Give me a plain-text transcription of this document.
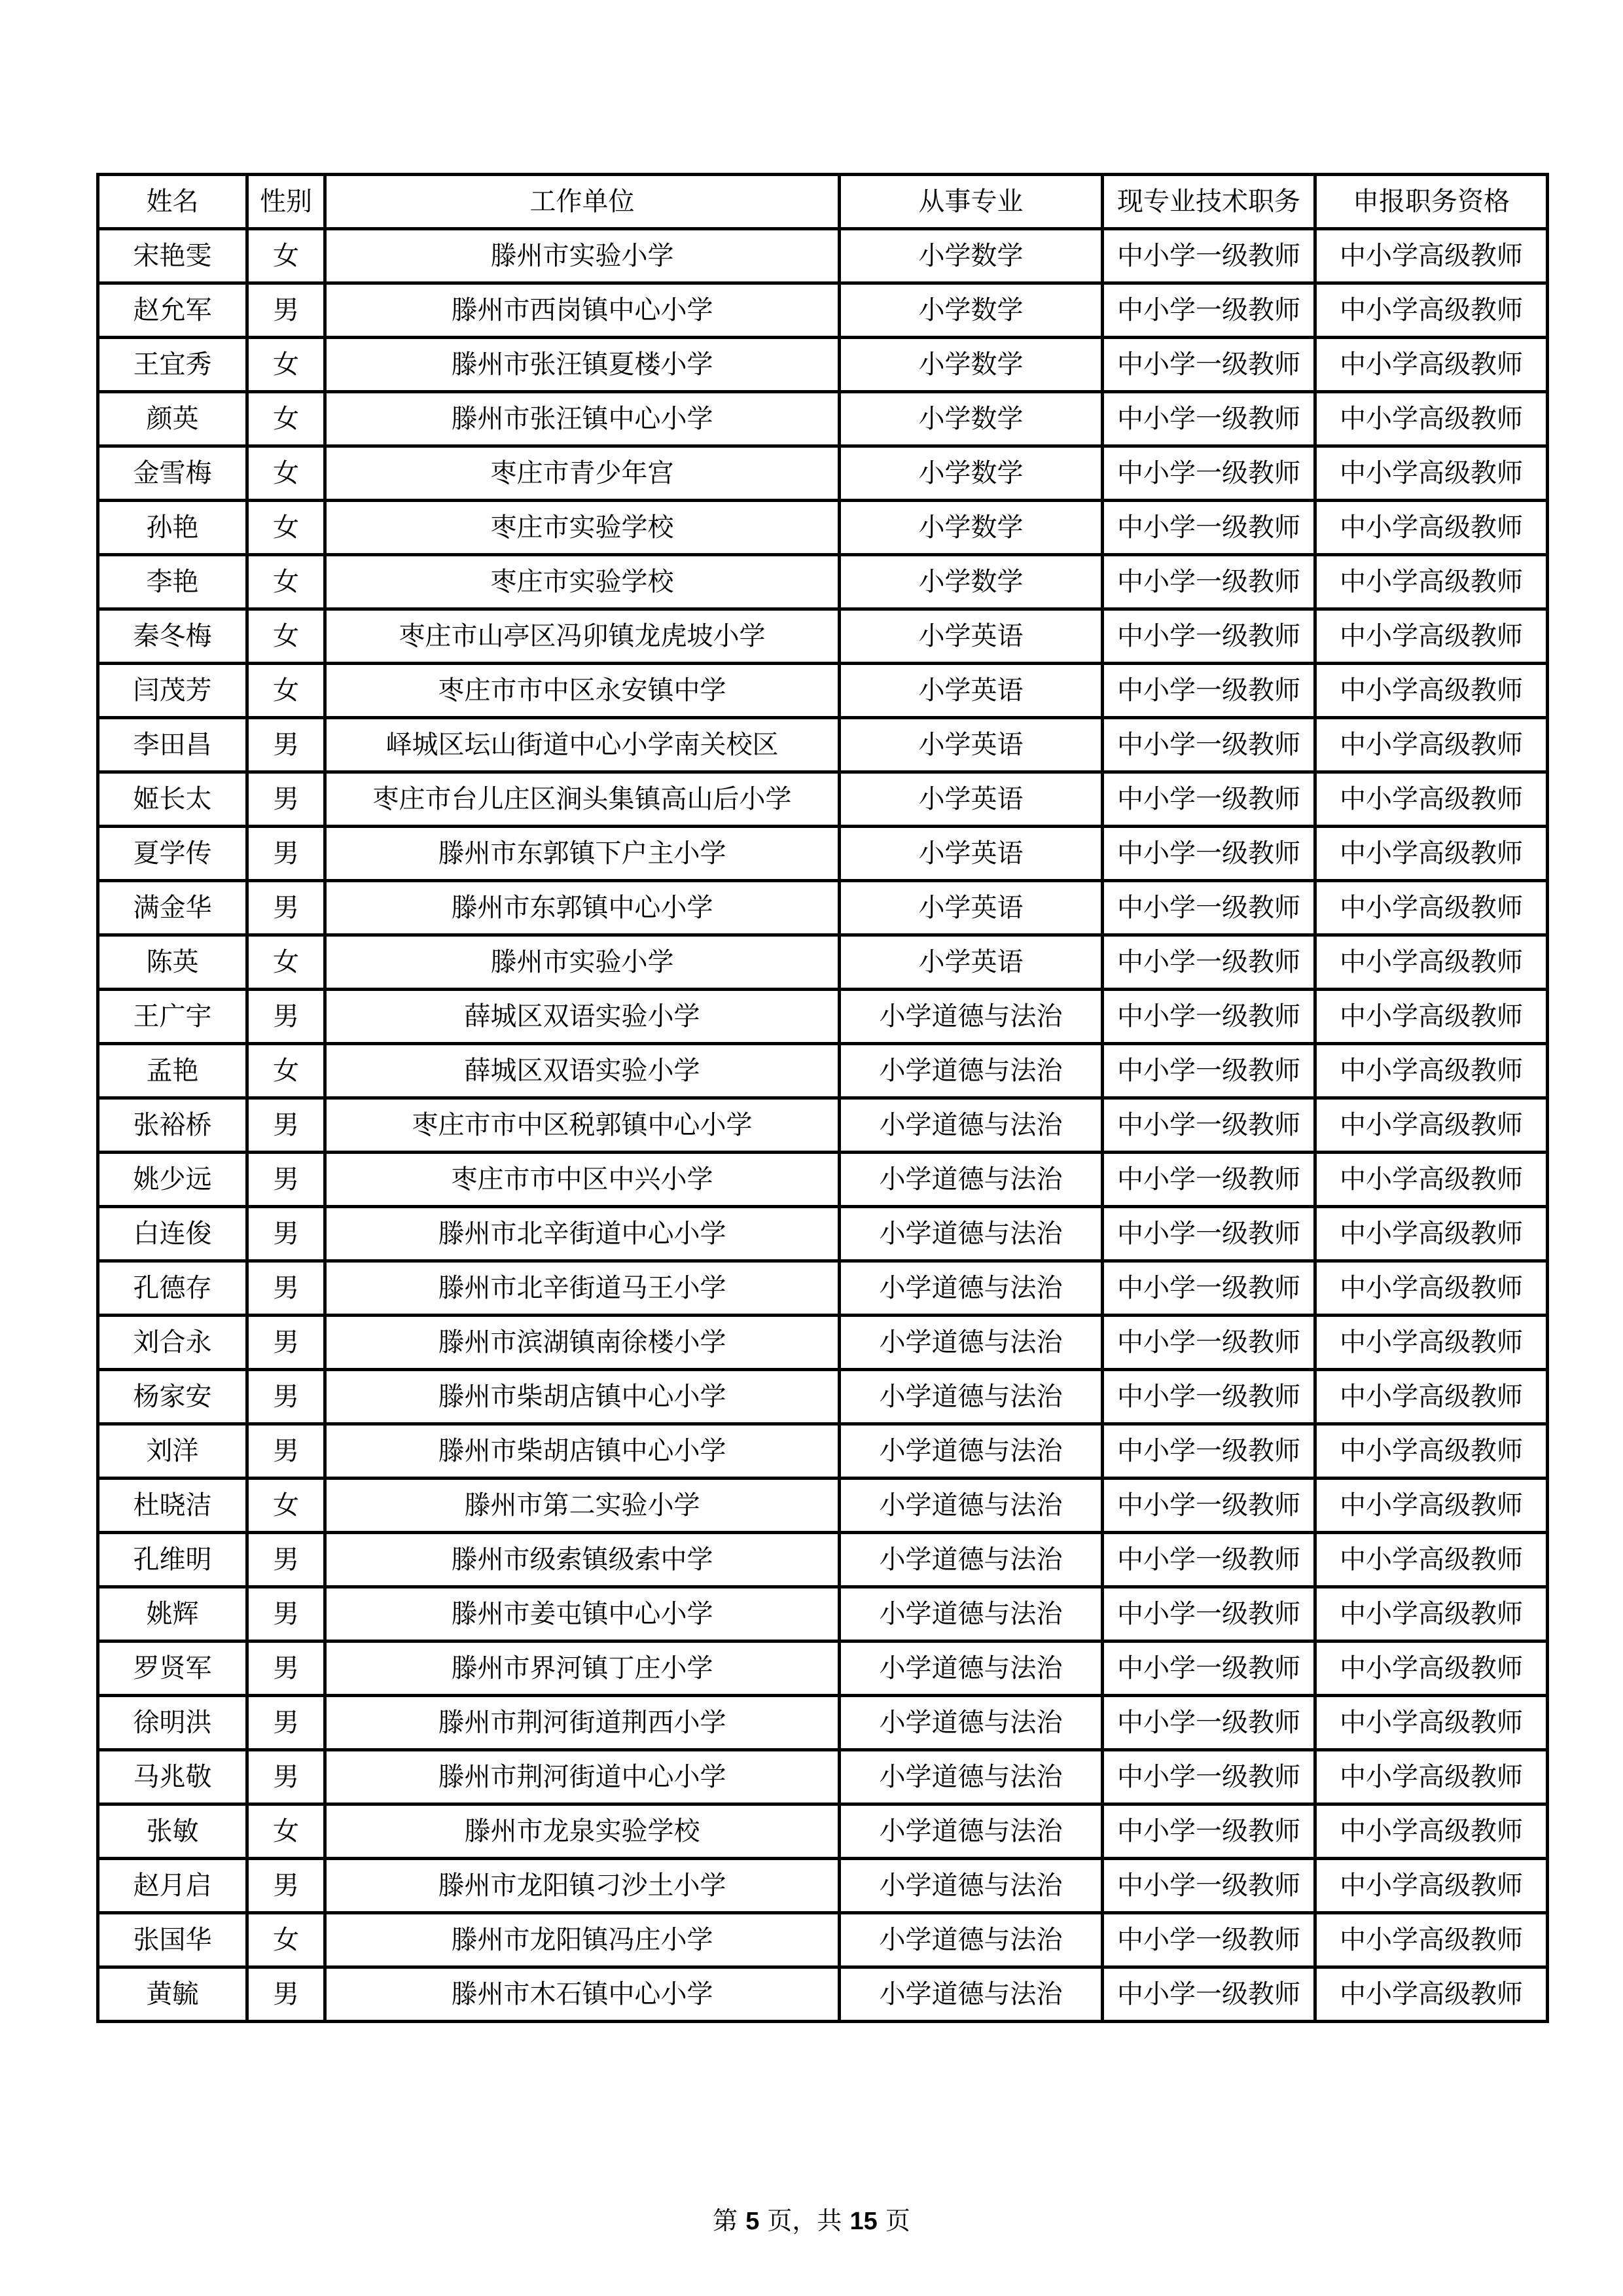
姓名	性别	工作单位	从事专业	现专业技术职务	申报职务资格
宋艳雯	女	滕州市实验小学	小学数学	中小学一级教师	中小学高级教师
赵允军	男	滕州市西岗镇中心小学	小学数学	中小学一级教师	中小学高级教师
王宜秀	女	滕州市张汪镇夏楼小学	小学数学	中小学一级教师	中小学高级教师
颜英	女	滕州市张汪镇中心小学	小学数学	中小学一级教师	中小学高级教师
金雪梅	女	枣庄市青少年宫	小学数学	中小学一级教师	中小学高级教师
孙艳	女	枣庄市实验学校	小学数学	中小学一级教师	中小学高级教师
李艳	女	枣庄市实验学校	小学数学	中小学一级教师	中小学高级教师
秦冬梅	女	枣庄市山亭区冯卯镇龙虎坡小学	小学英语	中小学一级教师	中小学高级教师
闫茂芳	女	枣庄市市中区永安镇中学	小学英语	中小学一级教师	中小学高级教师
李田昌	男	峄城区坛山街道中心小学南关校区	小学英语	中小学一级教师	中小学高级教师
姬长太	男	枣庄市台儿庄区涧头集镇高山后小学	小学英语	中小学一级教师	中小学高级教师
夏学传	男	滕州市东郭镇下户主小学	小学英语	中小学一级教师	中小学高级教师
满金华	男	滕州市东郭镇中心小学	小学英语	中小学一级教师	中小学高级教师
陈英	女	滕州市实验小学	小学英语	中小学一级教师	中小学高级教师
王广宇	男	薛城区双语实验小学	小学道德与法治	中小学一级教师	中小学高级教师
孟艳	女	薛城区双语实验小学	小学道德与法治	中小学一级教师	中小学高级教师
张裕桥	男	枣庄市市中区税郭镇中心小学	小学道德与法治	中小学一级教师	中小学高级教师
姚少远	男	枣庄市市中区中兴小学	小学道德与法治	中小学一级教师	中小学高级教师
白连俊	男	滕州市北辛街道中心小学	小学道德与法治	中小学一级教师	中小学高级教师
孔德存	男	滕州市北辛街道马王小学	小学道德与法治	中小学一级教师	中小学高级教师
刘合永	男	滕州市滨湖镇南徐楼小学	小学道德与法治	中小学一级教师	中小学高级教师
杨家安	男	滕州市柴胡店镇中心小学	小学道德与法治	中小学一级教师	中小学高级教师
刘洋	男	滕州市柴胡店镇中心小学	小学道德与法治	中小学一级教师	中小学高级教师
杜晓洁	女	滕州市第二实验小学	小学道德与法治	中小学一级教师	中小学高级教师
孔维明	男	滕州市级索镇级索中学	小学道德与法治	中小学一级教师	中小学高级教师
姚辉	男	滕州市姜屯镇中心小学	小学道德与法治	中小学一级教师	中小学高级教师
罗贤军	男	滕州市界河镇丁庄小学	小学道德与法治	中小学一级教师	中小学高级教师
徐明洪	男	滕州市荆河街道荆西小学	小学道德与法治	中小学一级教师	中小学高级教师
马兆敬	男	滕州市荆河街道中心小学	小学道德与法治	中小学一级教师	中小学高级教师
张敏	女	滕州市龙泉实验学校	小学道德与法治	中小学一级教师	中小学高级教师
赵月启	男	滕州市龙阳镇刁沙土小学	小学道德与法治	中小学一级教师	中小学高级教师
张国华	女	滕州市龙阳镇冯庄小学	小学道德与法治	中小学一级教师	中小学高级教师
黄毓	男	滕州市木石镇中心小学	小学道德与法治	中小学一级教师	中小学高级教师
第 5 页，共 15 页
